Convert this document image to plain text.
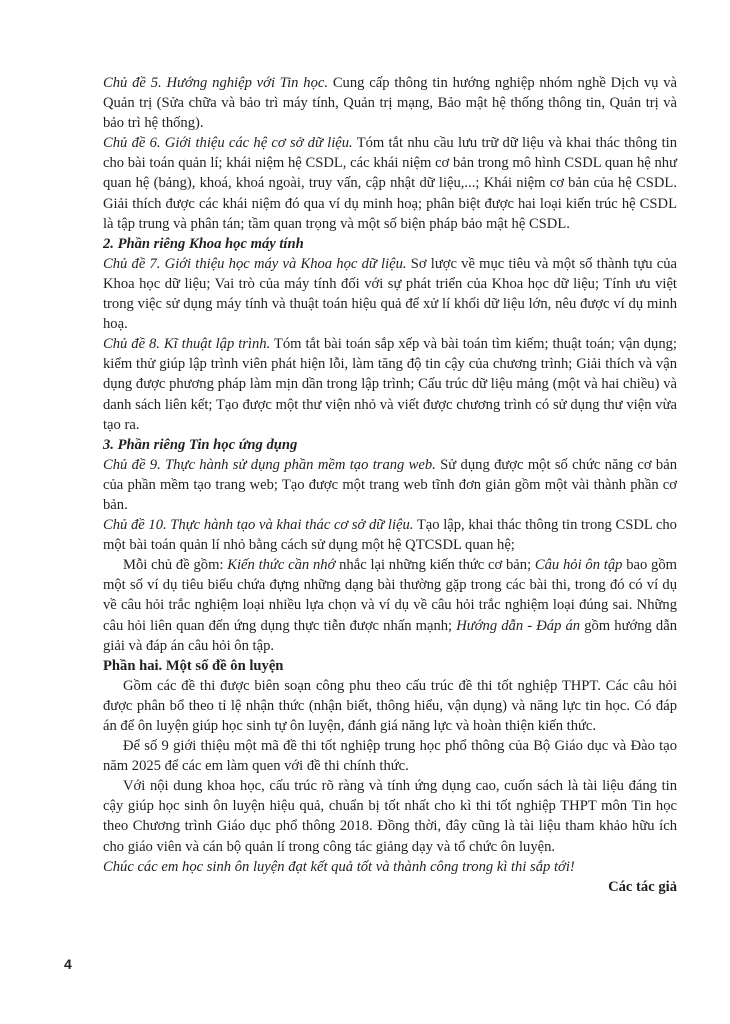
Chủ đề 5. Hướng nghiệp với Tin học. Cung cấp thông tin hướng nghiệp nhóm nghề Dịch vụ và Quản trị (Sửa chữa và bảo trì máy tính, Quản trị mạng, Bảo mật hệ thống thông tin, Quản trị và bảo trì hệ thống).

Chủ đề 6. Giới thiệu các hệ cơ sở dữ liệu. Tóm tắt nhu cầu lưu trữ dữ liệu và khai thác thông tin cho bài toán quản lí; khái niệm hệ CSDL, các khái niệm cơ bản trong mô hình CSDL quan hệ như quan hệ (bảng), khoá, khoá ngoài, truy vấn, cập nhật dữ liệu,...; Khái niệm cơ bản của hệ CSDL. Giải thích được các khái niệm đó qua ví dụ minh hoạ; phân biệt được hai loại kiến trúc hệ CSDL là tập trung và phân tán; tầm quan trọng và một số biện pháp bảo mật hệ CSDL.

2. Phần riêng Khoa học máy tính

Chủ đề 7. Giới thiệu học máy và Khoa học dữ liệu. Sơ lược về mục tiêu và một số thành tựu của Khoa học dữ liệu; Vai trò của máy tính đối với sự phát triển của Khoa học dữ liệu; Tính ưu việt trong việc sử dụng máy tính và thuật toán hiệu quả để xử lí khối dữ liệu lớn, nêu được ví dụ minh hoạ.

Chủ đề 8. Kĩ thuật lập trình. Tóm tắt bài toán sắp xếp và bài toán tìm kiếm; thuật toán; vận dụng; kiểm thử giúp lập trình viên phát hiện lỗi, làm tăng độ tin cậy của chương trình; Giải thích và vận dụng được phương pháp làm mịn dần trong lập trình; Cấu trúc dữ liệu mảng (một và hai chiều) và danh sách liên kết; Tạo được một thư viện nhỏ và viết được chương trình có sử dụng thư viện vừa tạo ra.

3. Phần riêng Tin học ứng dụng

Chủ đề 9. Thực hành sử dụng phần mềm tạo trang web. Sử dụng được một số chức năng cơ bản của phần mềm tạo trang web; Tạo được một trang web tĩnh đơn giản gồm một vài thành phần cơ bản.

Chủ đề 10. Thực hành tạo và khai thác cơ sở dữ liệu. Tạo lập, khai thác thông tin trong CSDL cho một bài toán quản lí nhỏ bằng cách sử dụng một hệ QTCSDL quan hệ;

Mỗi chủ đề gồm: Kiến thức cần nhớ nhắc lại những kiến thức cơ bản; Câu hỏi ôn tập bao gồm một số ví dụ tiêu biểu chứa đựng những dạng bài thường gặp trong các bài thi, trong đó có ví dụ về câu hỏi trắc nghiệm loại nhiều lựa chọn và ví dụ về câu hỏi trắc nghiệm loại đúng sai. Những câu hỏi liên quan đến ứng dụng thực tiễn được nhấn mạnh; Hướng dẫn - Đáp án gồm hướng dẫn giải và đáp án câu hỏi ôn tập.

Phần hai. Một số đề ôn luyện

Gồm các đề thi được biên soạn công phu theo cấu trúc đề thi tốt nghiệp THPT. Các câu hỏi được phân bổ theo tỉ lệ nhận thức (nhận biết, thông hiểu, vận dụng) và năng lực tin học. Có đáp án để ôn luyện giúp học sinh tự ôn luyện, đánh giá năng lực và hoàn thiện kiến thức.

Để số 9 giới thiệu một mã đề thi tốt nghiệp trung học phổ thông của Bộ Giáo dục và Đào tạo năm 2025 để các em làm quen với đề thi chính thức.

Với nội dung khoa học, cấu trúc rõ ràng và tính ứng dụng cao, cuốn sách là tài liệu đáng tin cậy giúp học sinh ôn luyện hiệu quả, chuẩn bị tốt nhất cho kì thi tốt nghiệp THPT môn Tin học theo Chương trình Giáo dục phổ thông 2018. Đồng thời, đây cũng là tài liệu tham khảo hữu ích cho giáo viên và cán bộ quản lí trong công tác giảng dạy và tổ chức ôn luyện.

Chúc các em học sinh ôn luyện đạt kết quả tốt và thành công trong kì thi sắp tới!

Các tác giả

4
